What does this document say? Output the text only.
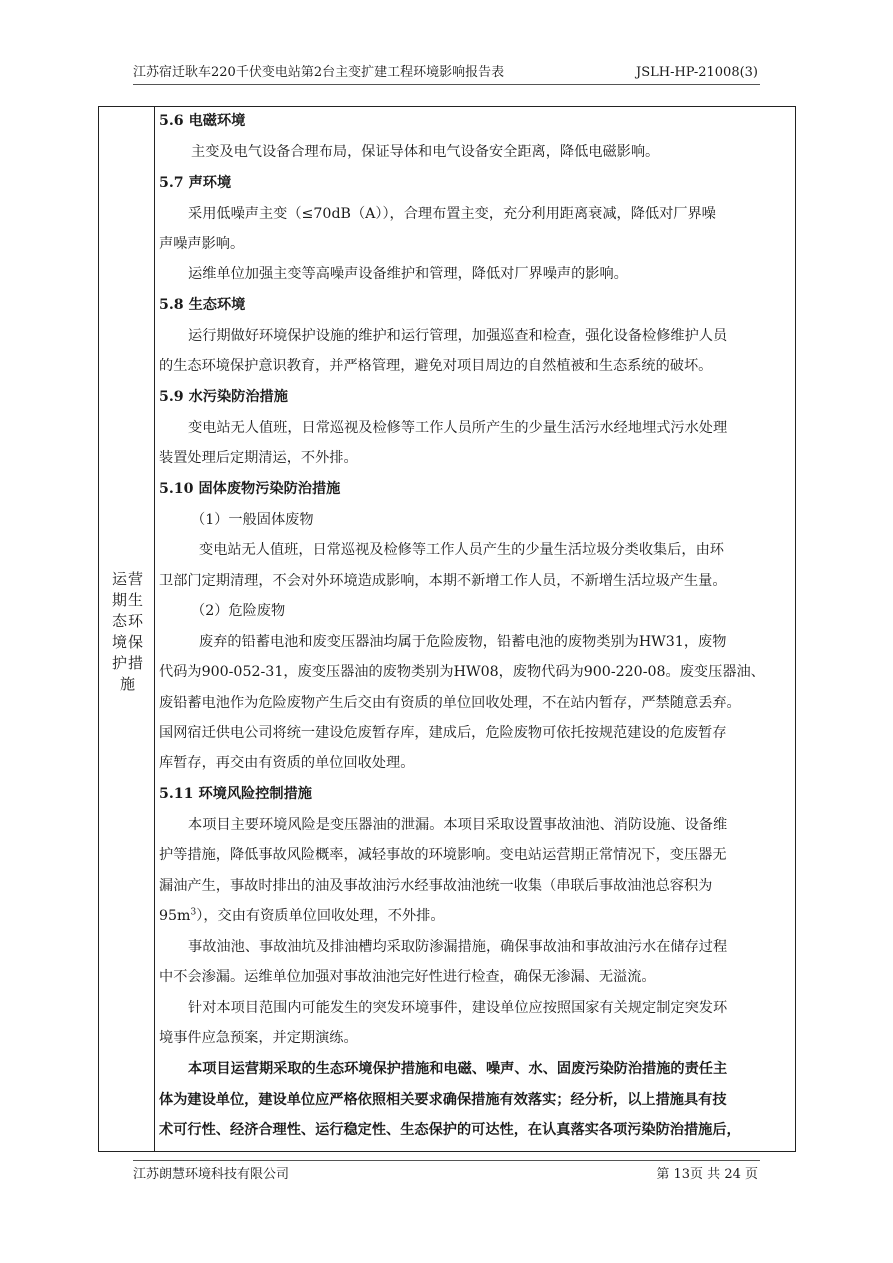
江苏宿迁耿车220千伏变电站第2台主变扩建工程环境影响报告表	JSLH-HP-21008(3)
运营
期生
态环
境保
护措
施
5.6 电磁环境
主变及电气设备合理布局，保证导体和电气设备安全距离，降低电磁影响。
5.7 声环境
采用低噪声主变（≤70dB（A）），合理布置主变，充分利用距离衰减，降低对厂界噪
声噪声影响。
运维单位加强主变等高噪声设备维护和管理，降低对厂界噪声的影响。
5.8 生态环境
运行期做好环境保护设施的维护和运行管理，加强巡查和检查，强化设备检修维护人员
的生态环境保护意识教育，并严格管理，避免对项目周边的自然植被和生态系统的破坏。
5.9 水污染防治措施
变电站无人值班，日常巡视及检修等工作人员所产生的少量生活污水经地埋式污水处理
装置处理后定期清运，不外排。
5.10 固体废物污染防治措施
（1）一般固体废物
变电站无人值班，日常巡视及检修等工作人员产生的少量生活垃圾分类收集后，由环
卫部门定期清理，不会对外环境造成影响，本期不新增工作人员，不新增生活垃圾产生量。
（2）危险废物
废弃的铅蓄电池和废变压器油均属于危险废物，铅蓄电池的废物类别为HW31，废物
代码为900-052-31，废变压器油的废物类别为HW08，废物代码为900-220-08。废变压器油、
废铅蓄电池作为危险废物产生后交由有资质的单位回收处理，不在站内暂存，严禁随意丢弃。
国网宿迁供电公司将统一建设危废暂存库，建成后，危险废物可依托按规范建设的危废暂存
库暂存，再交由有资质的单位回收处理。
5.11 环境风险控制措施
本项目主要环境风险是变压器油的泄漏。本项目采取设置事故油池、消防设施、设备维
护等措施，降低事故风险概率，减轻事故的环境影响。变电站运营期正常情况下，变压器无
漏油产生，事故时排出的油及事故油污水经事故油池统一收集（串联后事故油池总容积为
$95m^3$），交由有资质单位回收处理，不外排。
事故油池、事故油坑及排油槽均采取防渗漏措施，确保事故油和事故油污水在储存过程
中不会渗漏。运维单位加强对事故油池完好性进行检查，确保无渗漏、无溢流。
针对本项目范围内可能发生的突发环境事件，建设单位应按照国家有关规定制定突发环
境事件应急预案，并定期演练。
本项目运营期采取的生态环境保护措施和电磁、噪声、水、固废污染防治措施的责任主
体为建设单位，建设单位应严格依照相关要求确保措施有效落实；经分析，以上措施具有技
术可行性、经济合理性、运行稳定性、生态保护的可达性，在认真落实各项污染防治措施后，
江苏朗慧环境科技有限公司	第 13页 共 24 页
